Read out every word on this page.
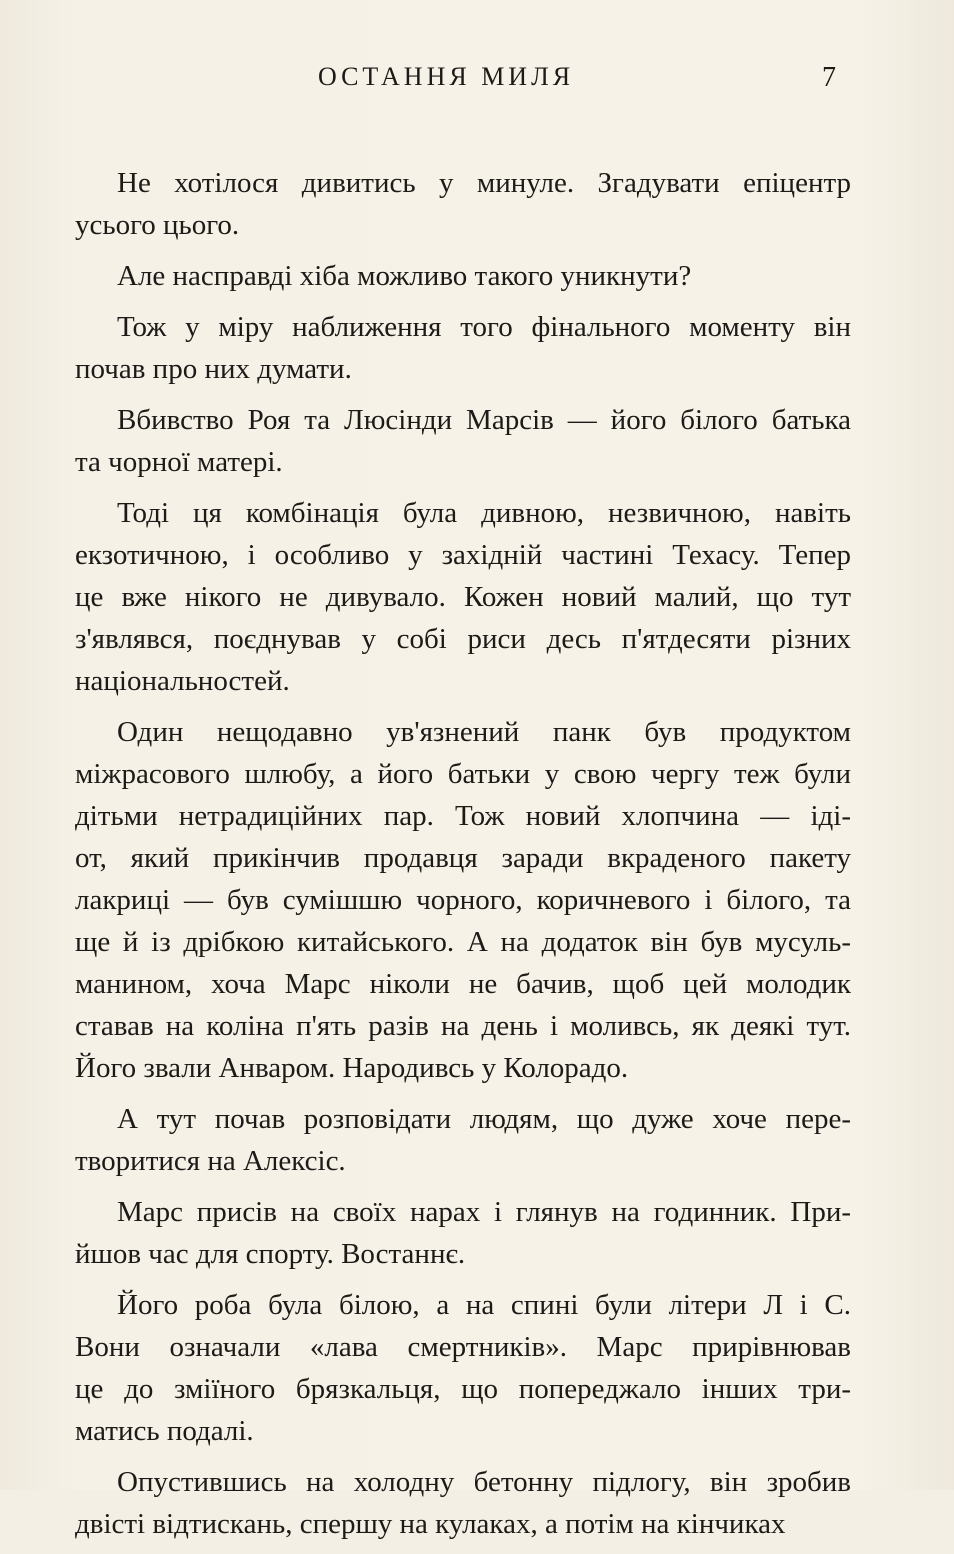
ОСТАННЯ МИЛЯ	7
Не хотілося дивитись у минуле. Згадувати епіцентр
усього цього.
Але насправді хіба можливо такого уникнути?
Тож у міру наближення того фінального моменту він
почав про них думати.
Вбивство Роя та Люсінди Марсів — його білого батька
та чорної матері.
Тоді ця комбінація була дивною, незвичною, навіть
екзотичною, і особливо у західній частині Техасу. Тепер
це вже нікого не дивувало. Кожен новий малий, що тут
з'являвся, поєднував у собі риси десь п'ятдесяти різних
національностей.
Один нещодавно ув'язнений панк був продуктом
міжрасового шлюбу, а його батьки у свою чергу теж були
дітьми нетрадиційних пар. Тож новий хлопчина — іді-
от, який прикінчив продавця заради вкраденого пакету
лакриці — був сумішшю чорного, коричневого і білого, та
ще й із дрібкою китайського. А на додаток він був мусуль-
манином, хоча Марс ніколи не бачив, щоб цей молодик
ставав на коліна п'ять разів на день і моливсь, як деякі тут.
Його звали Анваром. Народивсь у Колорадо.
А тут почав розповідати людям, що дуже хоче пере-
творитися на Алексіс.
Марс присів на своїх нарах і глянув на годинник. При-
йшов час для спорту. Востаннє.
Його роба була білою, а на спині були літери Л і С.
Вони означали «лава смертників». Марс прирівнював
це до зміїного брязкальця, що попереджало інших три-
матись подалі.
Опустившись на холодну бетонну підлогу, він зробив
двісті відтискань, спершу на кулаках, а потім на кінчиках
